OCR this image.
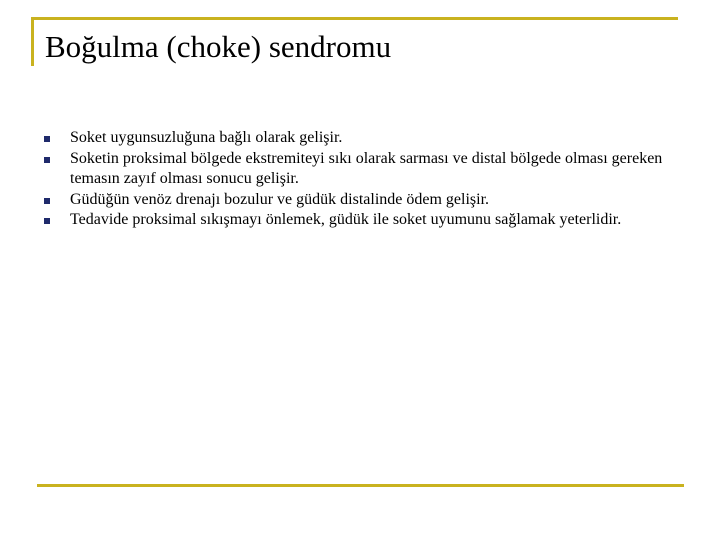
Boğulma (choke) sendromu
Soket uygunsuzluğuna bağlı olarak gelişir.
Soketin proksimal bölgede ekstremiteyi sıkı olarak sarması ve distal bölgede olması gereken temasın zayıf olması sonucu gelişir.
Güdüğün venöz drenajı bozulur ve güdük distalinde ödem gelişir.
Tedavide proksimal sıkışmayı önlemek, güdük ile soket uyumunu sağlamak yeterlidir.
